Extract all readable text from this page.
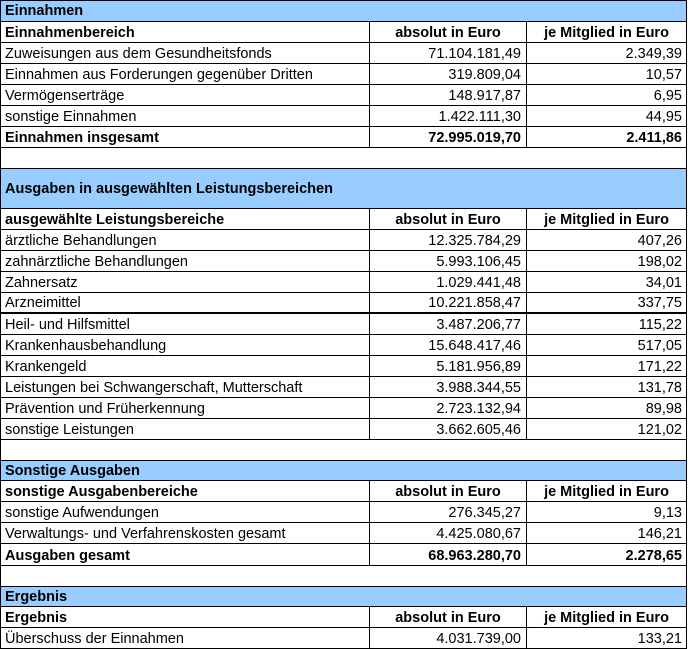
Einnahmen
Einnahmenbereich	absolut in Euro	je Mitglied in Euro
Zuweisungen aus dem Gesundheitsfonds	71.104.181,49	2.349,39
Einnahmen aus Forderungen gegenüber Dritten	319.809,04	10,57
Vermögenserträge	148.917,87	6,95
sonstige Einnahmen	1.422.111,30	44,95
Einnahmen insgesamt	72.995.019,70	2.411,86
Ausgaben in ausgewählten Leistungsbereichen
ausgewählte Leistungsbereiche	absolut in Euro	je Mitglied in Euro
ärztliche Behandlungen	12.325.784,29	407,26
zahnärztliche Behandlungen	5.993.106,45	198,02
Zahnersatz	1.029.441,48	34,01
Arzneimittel	10.221.858,47	337,75
Heil- und Hilfsmittel	3.487.206,77	115,22
Krankenhausbehandlung	15.648.417,46	517,05
Krankengeld	5.181.956,89	171,22
Leistungen bei Schwangerschaft, Mutterschaft	3.988.344,55	131,78
Prävention und Früherkennung	2.723.132,94	89,98
sonstige Leistungen	3.662.605,46	121,02
Sonstige Ausgaben
sonstige Ausgabenbereiche	absolut in Euro	je Mitglied in Euro
sonstige Aufwendungen	276.345,27	9,13
Verwaltungs- und Verfahrenskosten gesamt	4.425.080,67	146,21
Ausgaben gesamt	68.963.280,70	2.278,65
Ergebnis
Ergebnis	absolut in Euro	je Mitglied in Euro
Überschuss der Einnahmen	4.031.739,00	133,21
